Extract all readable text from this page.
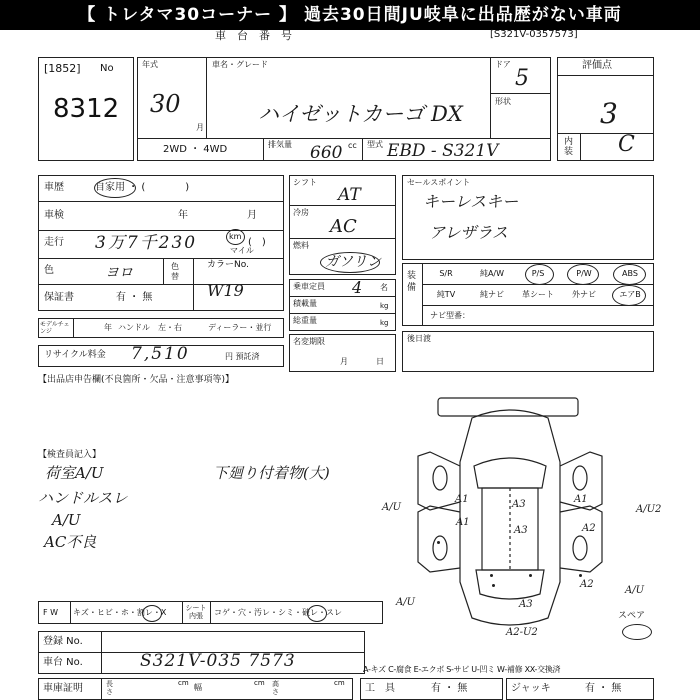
【 トレタマ30コーナー 】 過去30日間JU岐阜に出品歴がない車両
車　台　番　号	[S321V-0357573]
[1852] No
8312
年式
30
月
車名・グレード
ハイゼットカーゴ DX
ドア
5
形状
2WD ・ 4WD	排気量 660 cc 型式 EBD - S321V
評価点
3
内装 C
車歴	自家用 ・ (　　　　)
車検	年	月
走行 3万7千230	km
マイル
(　)
色	ヨロ	色替
カラーNo.
W19
保証書	有 ・ 無
モデルチェンジ	年 ハンドル　左・右	ディーラー・並行
リサイクル料金 7,510	円 預託済
シフト
AT
冷房
AC
燃料
ガソリン
乗車定員 4 名
積載量	kg
総重量	kg
名変期限
月	日
セールスポイント
キーレスキー
アレザラス
装備
S/R	純A/W	P/S	P/W	ABS
純TV	純ナビ	革シート	外ナビ	エアB
ナビ型番：
後日渡
【出品店申告欄(不良箇所・欠品・注意事項等)】
【検査員記入】
荷室A/U
ハンドルスレ
A/U
AC不良
下廻り付着物(大)
A/U
A1	A3
A1
A3
A/U2
A1
A2
A/U	A3
A2
A2-U2
A/U
スペア
F W キズ・ヒビ・ホ・割レ・X	シート 内張	コゲ・穴・汚レ・シミ・破レ・スレ
登録 No.
車台 No.	S321V-035 7573	A-キズ C-腐食 E-エクボ S-サビ U-凹ミ W-補修 XX-交換済
車庫証明	長さ
cm 幅	cm 高さ
cm 工　具	有 ・ 無	ジャッキ	有 ・ 無
